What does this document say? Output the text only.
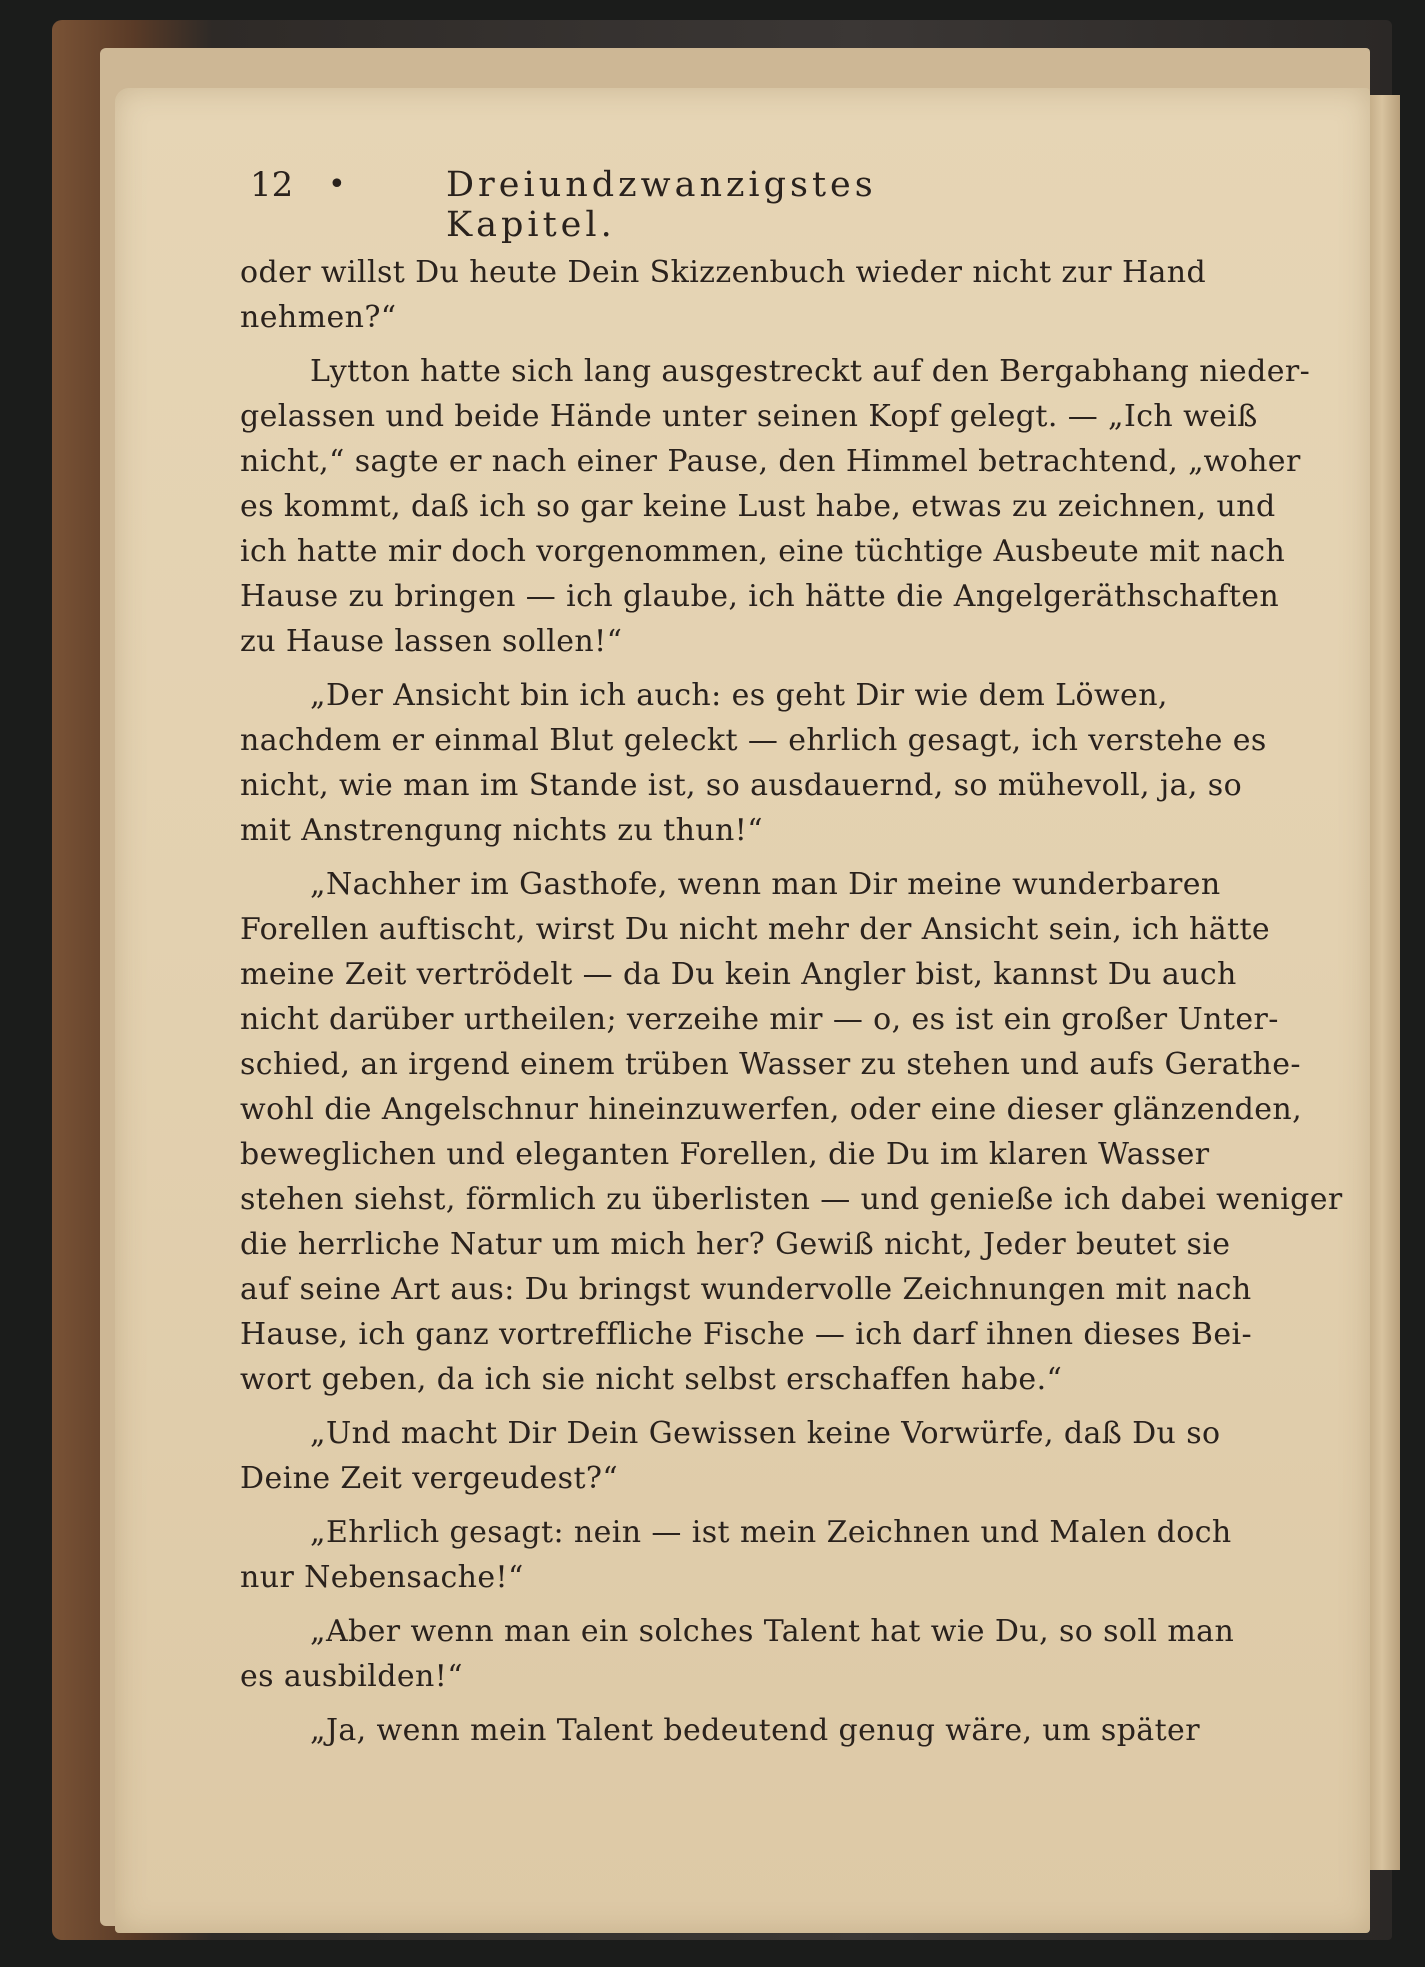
12 •	Dreiundzwanzigstes Kapitel.
oder willst Du heute Dein Skizzenbuch wieder nicht zur Hand
nehmen?“
Lytton hatte sich lang ausgestreckt auf den Bergabhang nieder-
gelassen und beide Hände unter seinen Kopf gelegt. — „Ich weiß
nicht,“ sagte er nach einer Pause, den Himmel betrachtend, „woher
es kommt, daß ich so gar keine Lust habe, etwas zu zeichnen, und
ich hatte mir doch vorgenommen, eine tüchtige Ausbeute mit nach
Hause zu bringen — ich glaube, ich hätte die Angelgeräthschaften
zu Hause lassen sollen!“
„Der Ansicht bin ich auch: es geht Dir wie dem Löwen,
nachdem er einmal Blut geleckt — ehrlich gesagt, ich verstehe es
nicht, wie man im Stande ist, so ausdauernd, so mühevoll, ja, so
mit Anstrengung nichts zu thun!“
„Nachher im Gasthofe, wenn man Dir meine wunderbaren
Forellen auftischt, wirst Du nicht mehr der Ansicht sein, ich hätte
meine Zeit vertrödelt — da Du kein Angler bist, kannst Du auch
nicht darüber urtheilen; verzeihe mir — o, es ist ein großer Unter-
schied, an irgend einem trüben Wasser zu stehen und aufs Gerathe-
wohl die Angelschnur hineinzuwerfen, oder eine dieser glänzenden,
beweglichen und eleganten Forellen, die Du im klaren Wasser
stehen siehst, förmlich zu überlisten — und genieße ich dabei weniger
die herrliche Natur um mich her? Gewiß nicht, Jeder beutet sie
auf seine Art aus: Du bringst wundervolle Zeichnungen mit nach
Hause, ich ganz vortreffliche Fische — ich darf ihnen dieses Bei-
wort geben, da ich sie nicht selbst erschaffen habe.“
„Und macht Dir Dein Gewissen keine Vorwürfe, daß Du so
Deine Zeit vergeudest?“
„Ehrlich gesagt: nein — ist mein Zeichnen und Malen doch
nur Nebensache!“
„Aber wenn man ein solches Talent hat wie Du, so soll man
es ausbilden!“
„Ja, wenn mein Talent bedeutend genug wäre, um später
